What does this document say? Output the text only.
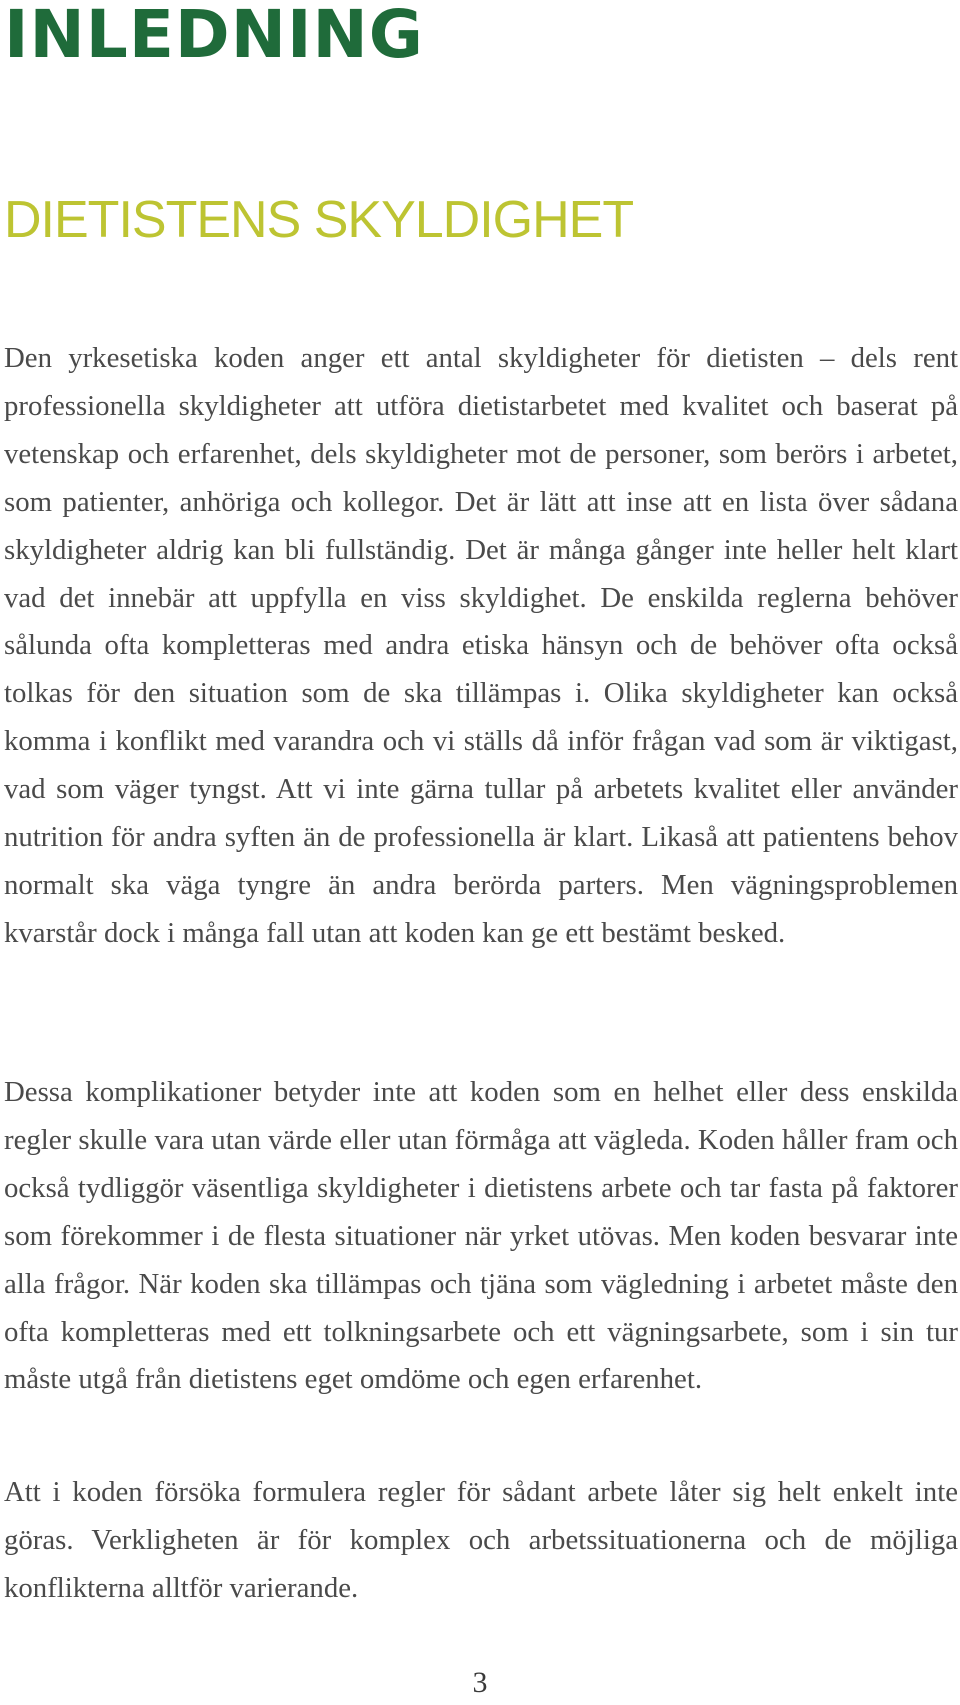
INLEDNING
DIETISTENS SKYLDIGHET

Den yrkesetiska koden anger ett antal skyldigheter för dietisten – dels rent professionella skyldigheter att utföra dietistarbetet med kvalitet och baserat på vetenskap och erfarenhet, dels skyldigheter mot de personer, som berörs i arbetet, som patienter, anhöriga och kollegor. Det är lätt att inse att en lista över sådana skyldigheter aldrig kan bli fullständig. Det är många gånger inte heller helt klart vad det innebär att uppfylla en viss skyldighet. De enskilda reglerna behöver sålunda ofta kompletteras med andra etiska hänsyn och de behöver ofta också tolkas för den situation som de ska tillämpas i. Olika skyldigheter kan också komma i konflikt med varandra och vi ställs då inför frågan vad som är viktigast, vad som väger tyngst. Att vi inte gärna tullar på arbetets kvalitet eller använder nutrition för andra syften än de professionella är klart. Likaså att patientens behov normalt ska väga tyngre än andra berörda parters. Men vägningsproblemen kvarstår dock i många fall utan att koden kan ge ett bestämt besked.

Dessa komplikationer betyder inte att koden som en helhet eller dess enskilda regler skulle vara utan värde eller utan förmåga att vägleda. Koden håller fram och också tydliggör väsentliga skyldigheter i dietistens arbete och tar fasta på faktorer som förekommer i de flesta situationer när yrket utövas. Men koden besvarar inte alla frågor. När koden ska tillämpas och tjäna som vägledning i arbetet måste den ofta kompletteras med ett tolkningsarbete och ett vägningsarbete, som i sin tur måste utgå från dietistens eget omdöme och egen erfarenhet.

Att i koden försöka formulera regler för sådant arbete låter sig helt enkelt inte göras. Verkligheten är för komplex och arbetssituationerna och de möjliga konflikterna alltför varierande.

3
